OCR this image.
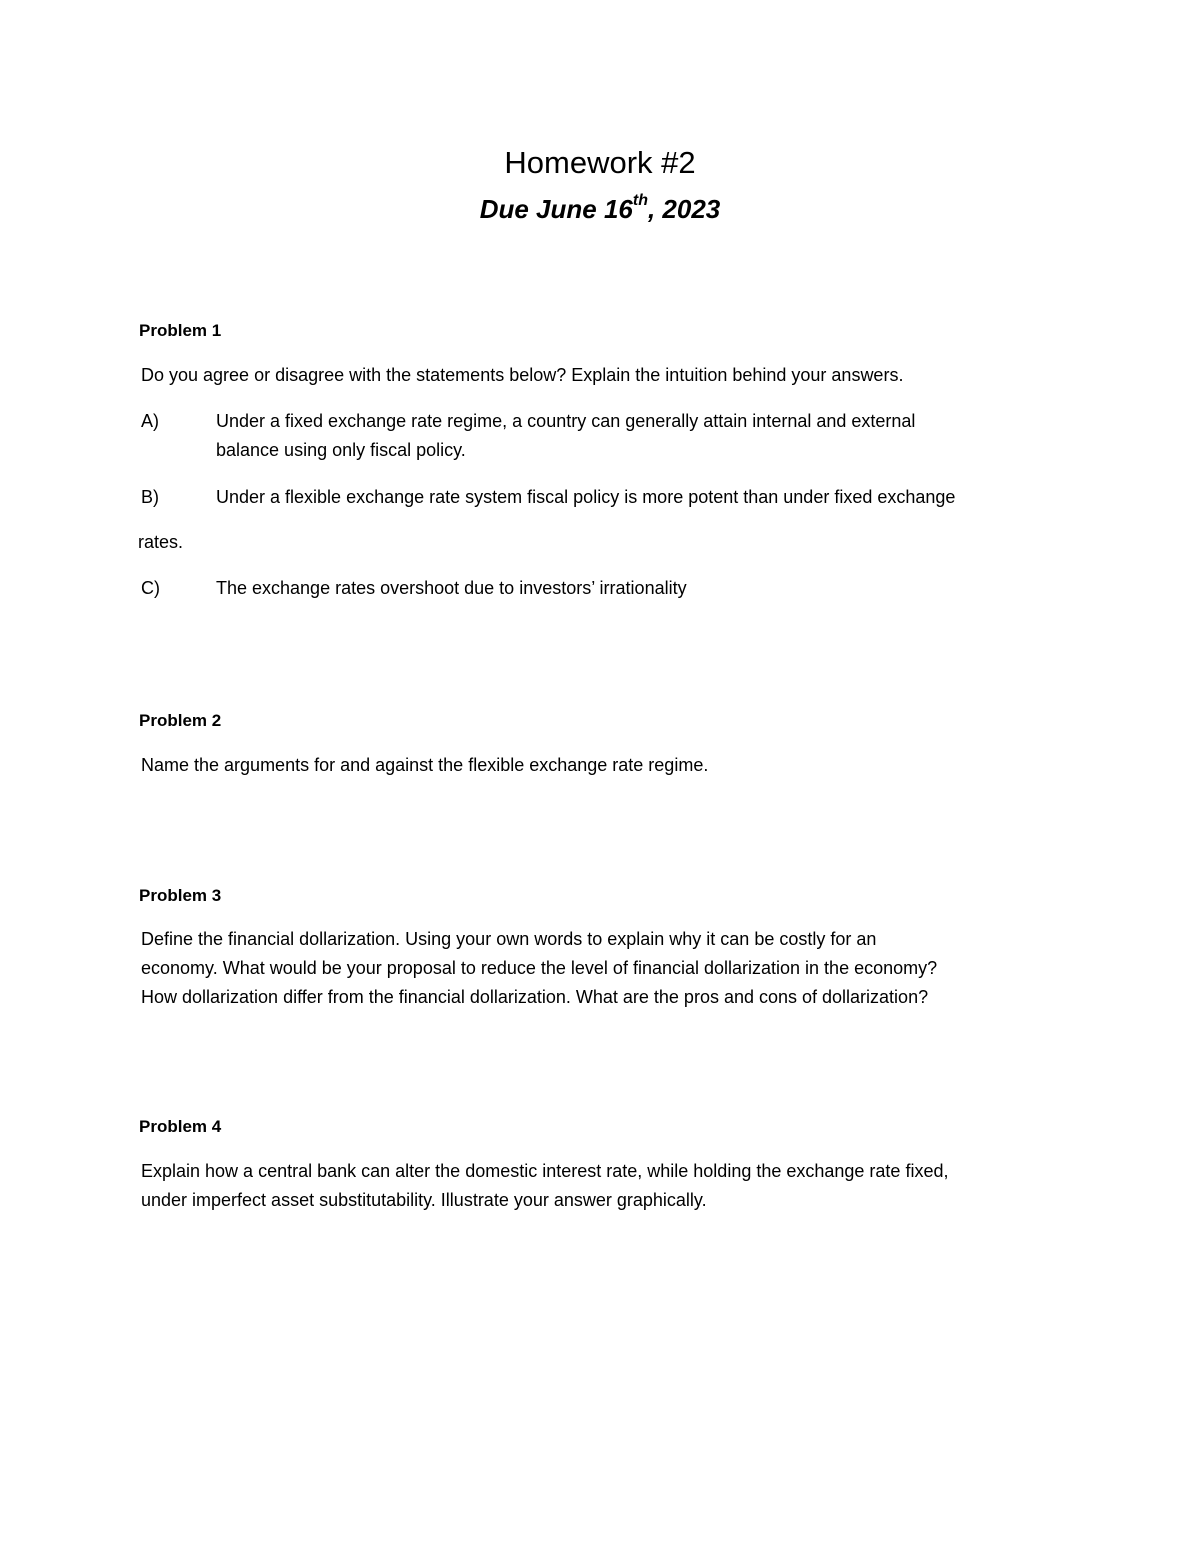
Homework #2
Due June 16th, 2023
Problem 1
Do you agree or disagree with the statements below? Explain the intuition behind your answers.
A)	Under a fixed exchange rate regime, a country can generally attain internal and external
balance using only fiscal policy.
B)	Under a flexible exchange rate system fiscal policy is more potent than under fixed exchange
rates.
C)	The exchange rates overshoot due to investors’ irrationality
Problem 2
Name the arguments for and against the flexible exchange rate regime.
Problem 3
Define the financial dollarization. Using your own words to explain why it can be costly for an
economy. What would be your proposal to reduce the level of financial dollarization in the economy?
How dollarization differ from the financial dollarization. What are the pros and cons of dollarization?
Problem 4
Explain how a central bank can alter the domestic interest rate, while holding the exchange rate fixed,
under imperfect asset substitutability. Illustrate your answer graphically.
